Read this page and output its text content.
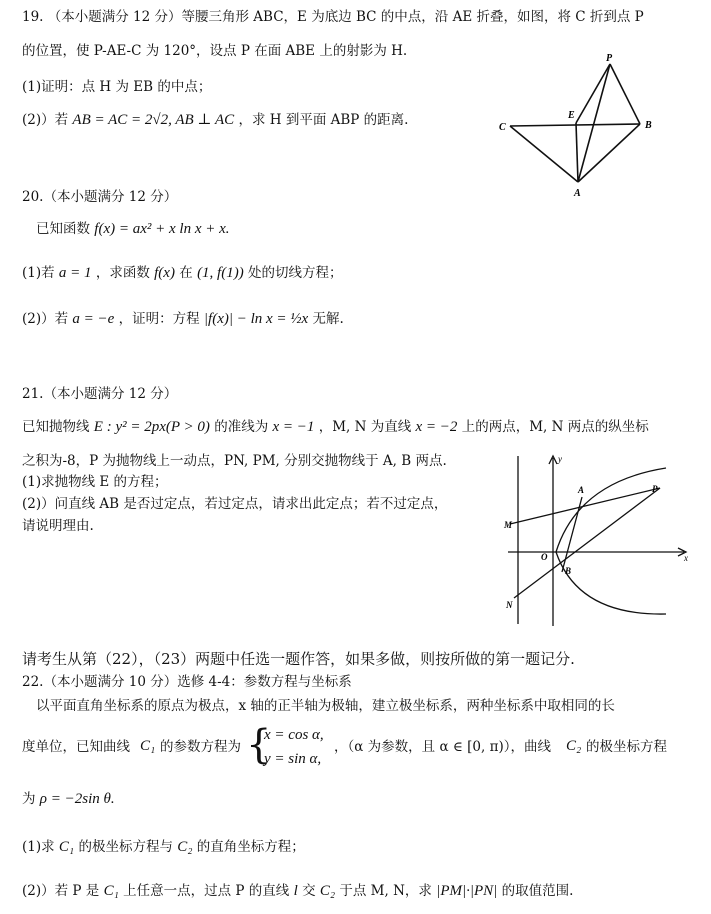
19. （本小题满分 12 分）等腰三角形 ABC，E 为底边 BC 的中点，沿 AE 折叠，如图，将 C 折到点 P
的位置，使 P-AE-C 为 120°，设点 P 在面 ABE 上的射影为 H.
(1)证明：点 H 为 EB 的中点；
(2)）若 AB = AC = 2√2, AB ⊥ AC ，求 H 到平面 ABP 的距离.
P
E
C	B
A
20.（本小题满分 12 分）
已知函数 f(x) = ax² + x ln x + x.
(1)若 a = 1 ，求函数 f(x) 在 (1, f(1)) 处的切线方程；
(2)）若 a = −e ，证明：方程 |f(x)| − ln x = ½x 无解.
21.（本小题满分 12 分）
已知抛物线 E : y² = 2px(P > 0) 的准线为 x = −1 ，M, N 为直线 x = −2 上的两点，M, N 两点的纵坐标
之积为-8，P 为抛物线上一动点，PN, PM, 分别交抛物线于 A, B 两点.
(1)求抛物线 E 的方程；
(2)）问直线 AB 是否过定点，若过定点，请求出此定点；若不过定点，
请说明理由.
y
x
O
A
B
P
M
N
请考生从第（22），（23）两题中任选一题作答，如果多做，则按所做的第一题记分.
22.（本小题满分 10 分）选修 4-4：参数方程与坐标系
以平面直角坐标系的原点为极点，x 轴的正半轴为极轴，建立极坐标系，两种坐标系中取相同的长
度单位，已知曲线 C₁ 的参数方程为 {
x = cos α,
y = sin α,
，（α 为参数，且 α ∈ [0, π)），曲线 C₂ 的极坐标方程
为 ρ = −2sin θ.
(1)求 C₁ 的极坐标方程与 C₂ 的直角坐标方程；
(2)）若 P 是 C₁ 上任意一点，过点 P 的直线 l 交 C₂ 于点 M, N，求 |PM|·|PN| 的取值范围.
